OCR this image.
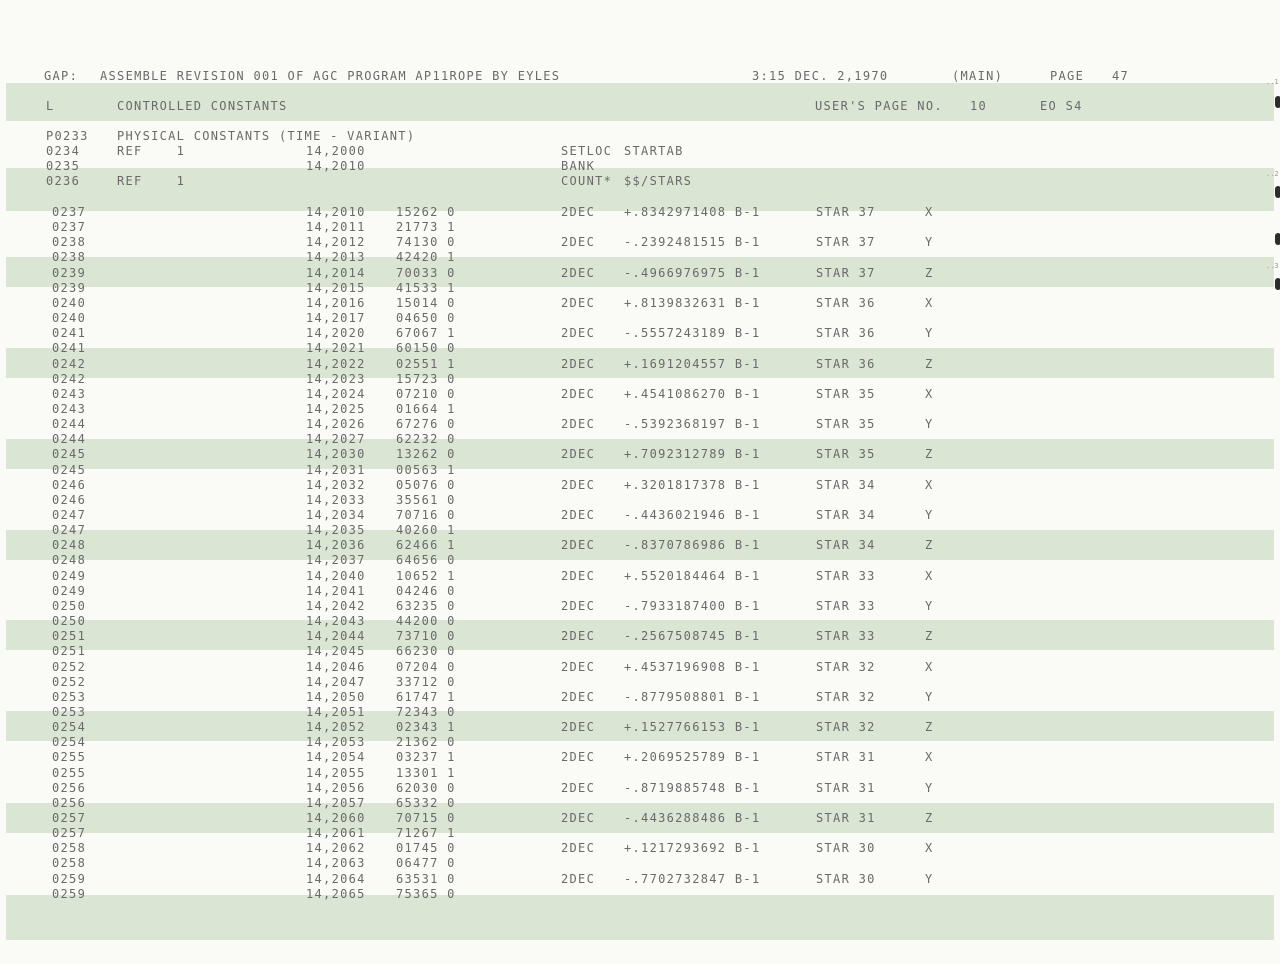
..1
..2
..3

GAP:

ASSEMBLE REVISION 001 OF AGC PROGRAM AP11ROPE BY EYLES

	3:15 DEC. 2,1970

	(MAIN)

	PAGE

47

L

	CONTROLLED CONSTANTS

	USER'S PAGE NO.

10

	EO S4

P0233 PHYSICAL CONSTANTS (TIME - VARIANT)
0234	REF    1	14,2000	SETLOC STARTAB
0235	14,2010	BANK
0236	REF    1	COUNT* $$/STARS
0237	14,2010	15262 0	2DEC +.8342971408 B-1	STAR 37	X
0237	14,2011	21773 1
0238	14,2012	74130 0	2DEC -.2392481515 B-1	STAR 37	Y
0238	14,2013	42420 1
0239	14,2014	70033 0	2DEC -.4966976975 B-1	STAR 37	Z
0239	14,2015	41533 1
0240	14,2016	15014 0	2DEC +.8139832631 B-1	STAR 36	X
0240	14,2017	04650 0
0241	14,2020	67067 1	2DEC -.5557243189 B-1	STAR 36	Y
0241	14,2021	60150 0
0242	14,2022	02551 1	2DEC +.1691204557 B-1	STAR 36	Z
0242	14,2023	15723 0
0243	14,2024	07210 0	2DEC +.4541086270 B-1	STAR 35	X
0243	14,2025	01664 1
0244	14,2026	67276 0	2DEC -.5392368197 B-1	STAR 35	Y
0244	14,2027	62232 0
0245	14,2030	13262 0	2DEC +.7092312789 B-1	STAR 35	Z
0245	14,2031	00563 1
0246	14,2032	05076 0	2DEC +.3201817378 B-1	STAR 34	X
0246	14,2033	35561 0
0247	14,2034	70716 0	2DEC -.4436021946 B-1	STAR 34	Y
0247	14,2035	40260 1
0248	14,2036	62466 1	2DEC -.8370786986 B-1	STAR 34	Z
0248	14,2037	64656 0
0249	14,2040	10652 1	2DEC +.5520184464 B-1	STAR 33	X
0249	14,2041	04246 0
0250	14,2042	63235 0	2DEC -.7933187400 B-1	STAR 33	Y
0250	14,2043	44200 0
0251	14,2044	73710 0	2DEC -.2567508745 B-1	STAR 33	Z
0251	14,2045	66230 0
0252	14,2046	07204 0	2DEC +.4537196908 B-1	STAR 32	X
0252	14,2047	33712 0
0253	14,2050	61747 1	2DEC -.8779508801 B-1	STAR 32	Y
0253	14,2051	72343 0
0254	14,2052	02343 1	2DEC +.1527766153 B-1	STAR 32	Z
0254	14,2053	21362 0
0255	14,2054	03237 1	2DEC +.2069525789 B-1	STAR 31	X
0255	14,2055	13301 1
0256	14,2056	62030 0	2DEC -.8719885748 B-1	STAR 31	Y
0256	14,2057	65332 0
0257	14,2060	70715 0	2DEC -.4436288486 B-1	STAR 31	Z
0257	14,2061	71267 1
0258	14,2062	01745 0	2DEC +.1217293692 B-1	STAR 30	X
0258	14,2063	06477 0
0259	14,2064	63531 0	2DEC -.7702732847 B-1	STAR 30	Y
0259	14,2065	75365 0
